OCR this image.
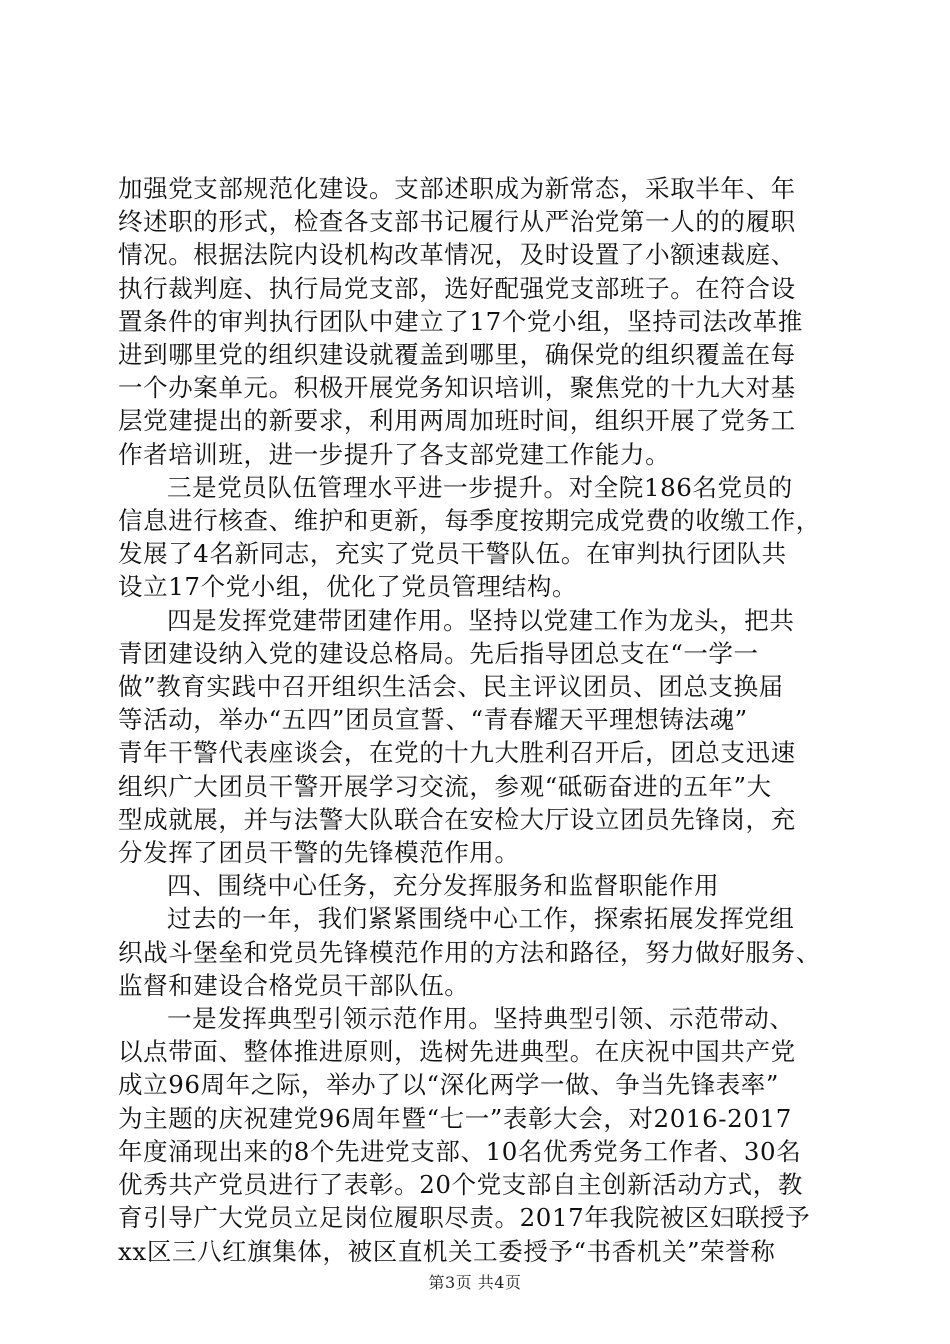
加强党支部规范化建设。支部述职成为新常态，采取半年、年
终述职的形式，检查各支部书记履行从严治党第一人的的履职
情况。根据法院内设机构改革情况，及时设置了小额速裁庭、
执行裁判庭、执行局党支部，选好配强党支部班子。在符合设
置条件的审判执行团队中建立了17个党小组，坚持司法改革推
进到哪里党的组织建设就覆盖到哪里，确保党的组织覆盖在每
一个办案单元。积极开展党务知识培训，聚焦党的十九大对基
层党建提出的新要求，利用两周加班时间，组织开展了党务工
作者培训班，进一步提升了各支部党建工作能力。
三是党员队伍管理水平进一步提升。对全院186名党员的
信息进行核查、维护和更新，每季度按期完成党费的收缴工作，
发展了4名新同志，充实了党员干警队伍。在审判执行团队共
设立17个党小组，优化了党员管理结构。
四是发挥党建带团建作用。坚持以党建工作为龙头，把共
青团建设纳入党的建设总格局。先后指导团总支在“一学一
做”教育实践中召开组织生活会、民主评议团员、团总支换届
等活动，举办“五四”团员宣誓、“青春耀天平理想铸法魂”
青年干警代表座谈会，在党的十九大胜利召开后，团总支迅速
组织广大团员干警开展学习交流，参观“砥砺奋进的五年”大
型成就展，并与法警大队联合在安检大厅设立团员先锋岗，充
分发挥了团员干警的先锋模范作用。
四、围绕中心任务，充分发挥服务和监督职能作用
过去的一年，我们紧紧围绕中心工作，探索拓展发挥党组
织战斗堡垒和党员先锋模范作用的方法和路径，努力做好服务、
监督和建设合格党员干部队伍。
一是发挥典型引领示范作用。坚持典型引领、示范带动、
以点带面、整体推进原则，选树先进典型。在庆祝中国共产党
成立96周年之际，举办了以“深化两学一做、争当先锋表率”
为主题的庆祝建党96周年暨“七一”表彰大会，对2016-2017
年度涌现出来的8个先进党支部、10名优秀党务工作者、30名
优秀共产党员进行了表彰。20个党支部自主创新活动方式，教
育引导广大党员立足岗位履职尽责。2017年我院被区妇联授予
xx区三八红旗集体，被区直机关工委授予“书香机关”荣誉称
第3页 共4页
